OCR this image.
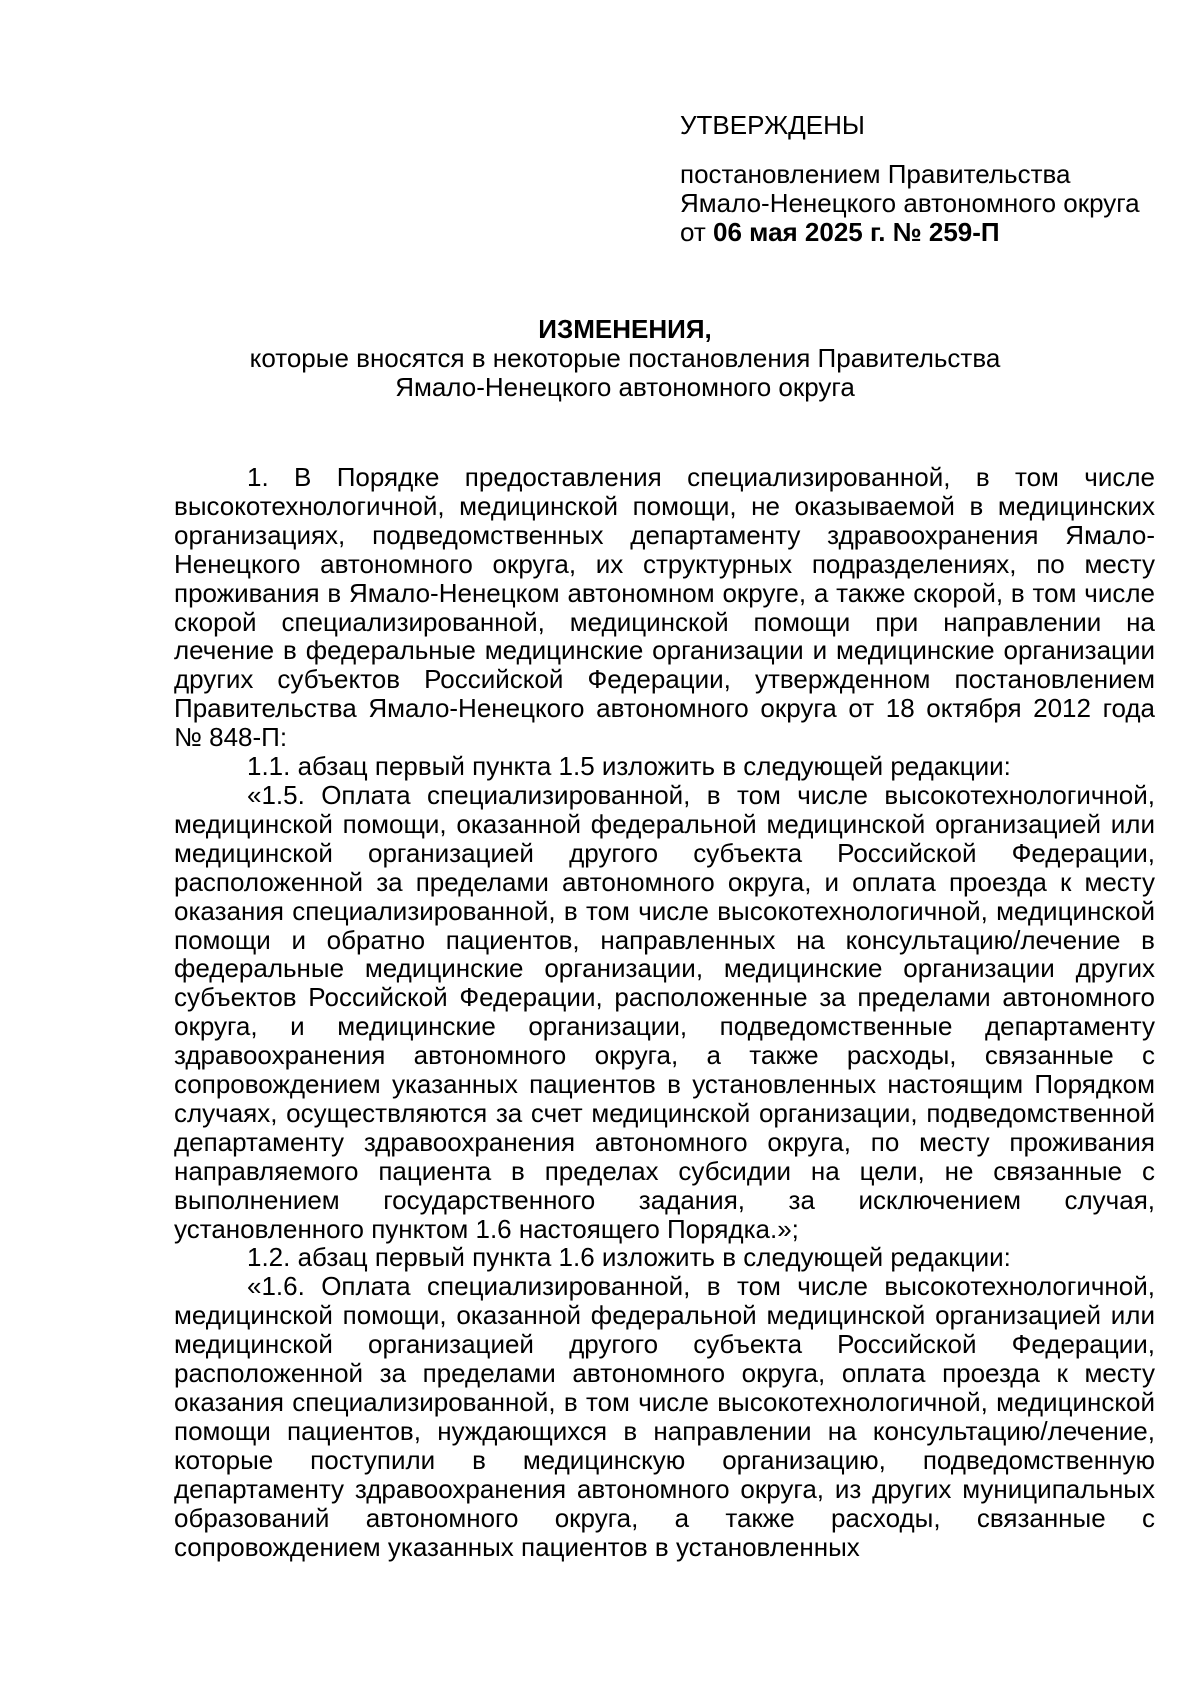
УТВЕРЖДЕНЫ
постановлением Правительства
Ямало-Ненецкого автономного округа
от 06 мая 2025 г. № 259-П
ИЗМЕНЕНИЯ,
которые вносятся в некоторые постановления Правительства
Ямало-Ненецкого автономного округа

1. В Порядке предоставления специализированной, в том числе высокотехнологичной, медицинской помощи, не оказываемой в медицинских организациях, подведомственных департаменту здравоохранения Ямало-Ненецкого автономного округа, их структурных подразделениях, по месту проживания в Ямало-Ненецком автономном округе, а также скорой, в том числе скорой специализированной, медицинской помощи при направлении на лечение в федеральные медицинские организации и медицинские организации других субъектов Российской Федерации, утвержденном постановлением Правительства Ямало-Ненецкого автономного округа от 18 октября 2012 года № 848-П:

1.1. абзац первый пункта 1.5 изложить в следующей редакции:

«1.5. Оплата специализированной, в том числе высокотехнологичной, медицинской помощи, оказанной федеральной медицинской организацией или медицинской организацией другого субъекта Российской Федерации, расположенной за пределами автономного округа, и оплата проезда к месту оказания специализированной, в том числе высокотехнологичной, медицинской помощи и обратно пациентов, направленных на консультацию/лечение в федеральные медицинские организации, медицинские организации других субъектов Российской Федерации, расположенные за пределами автономного округа, и медицинские организации, подведомственные департаменту здравоохранения автономного округа, а также расходы, связанные с сопровождением указанных пациентов в установленных настоящим Порядком случаях, осуществляются за счет медицинской организации, подведомственной департаменту здравоохранения автономного округа, по месту проживания направляемого пациента в пределах субсидии на цели, не связанные с выполнением государственного задания, за исключением случая, установленного пунктом 1.6 настоящего Порядка.»;

1.2. абзац первый пункта 1.6 изложить в следующей редакции:

«1.6. Оплата специализированной, в том числе высокотехнологичной, медицинской помощи, оказанной федеральной медицинской организацией или медицинской организацией другого субъекта Российской Федерации, расположенной за пределами автономного округа, оплата проезда к месту оказания специализированной, в том числе высокотехнологичной, медицинской помощи пациентов, нуждающихся в направлении на консультацию/лечение, которые поступили в медицинскую организацию, подведомственную департаменту здравоохранения автономного округа, из других муниципальных образований автономного округа, а также расходы, связанные с сопровождением указанных пациентов в установленных
